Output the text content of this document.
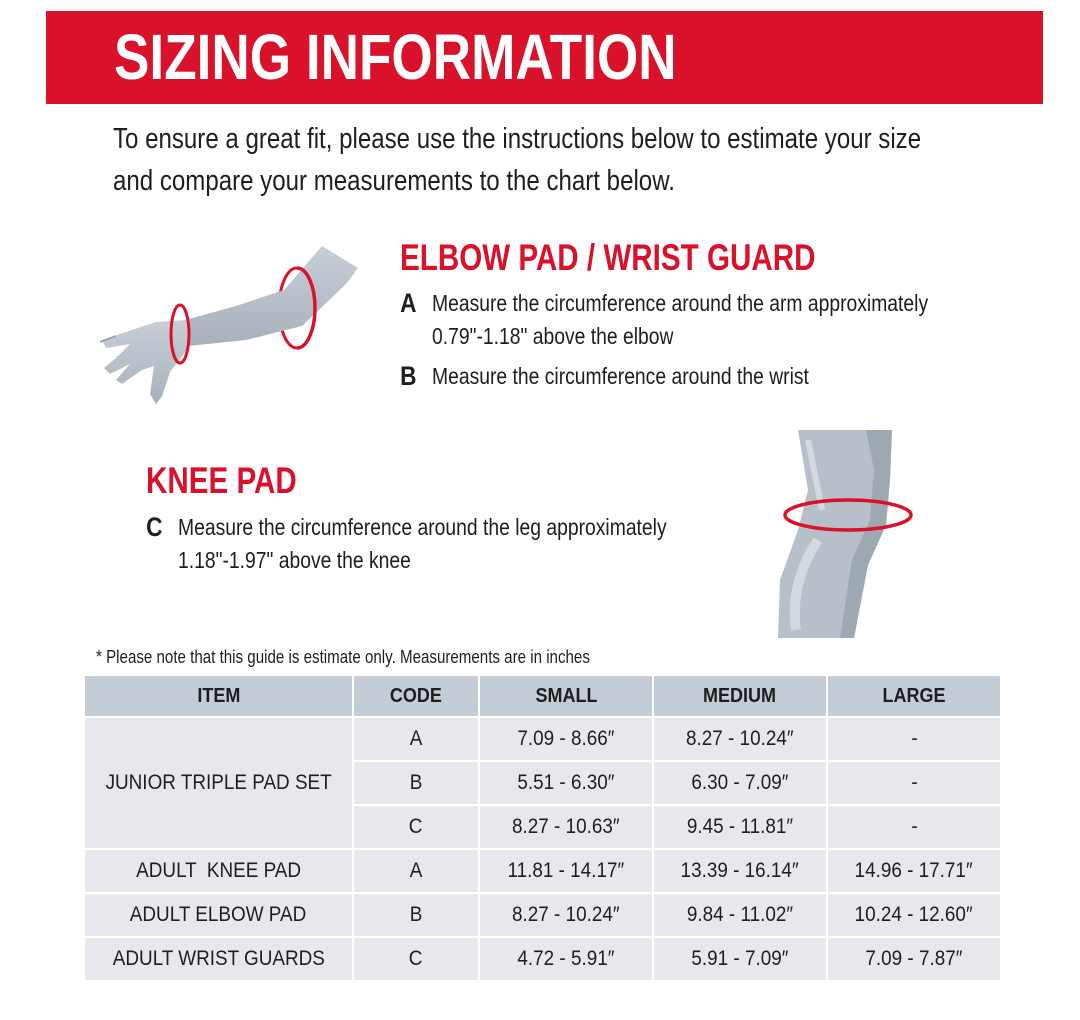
SIZING INFORMATION

To ensure a great fit, please use the instructions below to estimate your size
and compare your measurements to the chart below.

ELBOW PAD / WRIST GUARD
A Measure the circumference around the arm approximately
0.79"-1.18" above the elbow
B Measure the circumference around the wrist
KNEE PAD
C Measure the circumference around the leg approximately
1.18"-1.97" above the knee
* Please note that this guide is estimate only. Measurements are in inches
ITEM	CODE	SMALL	MEDIUM	LARGE
JUNIOR TRIPLE PAD SET	A	7.09 - 8.66″	8.27 - 10.24″	-
	B	5.51 - 6.30″	6.30 - 7.09″	-
	C	8.27 - 10.63″	9.45 - 11.81″	-
ADULT  KNEE PAD	A	11.81 - 14.17″	13.39 - 16.14″	14.96 - 17.71″
ADULT ELBOW PAD	B	8.27 - 10.24″	9.84 - 11.02″	10.24 - 12.60″
ADULT WRIST GUARDS	C	4.72 - 5.91″	5.91 - 7.09″	7.09 - 7.87″
